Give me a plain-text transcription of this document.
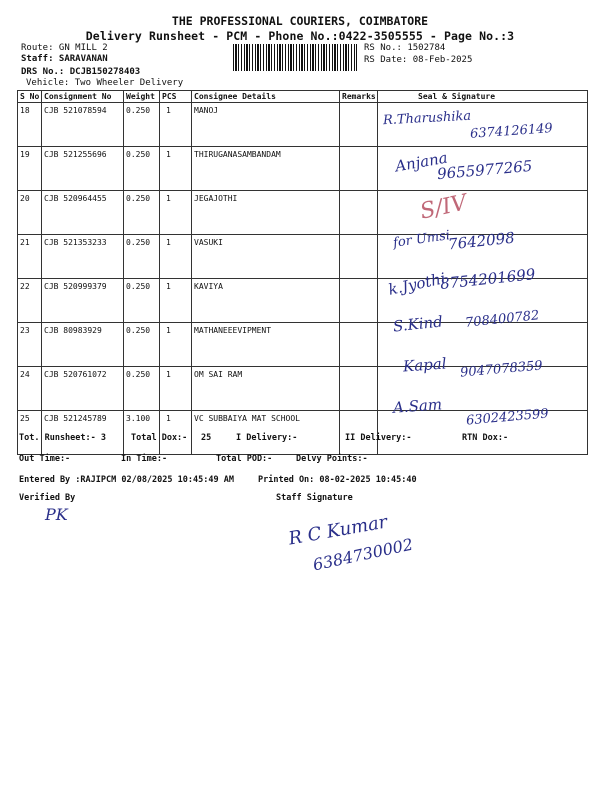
THE PROFESSIONAL COURIERS, COIMBATORE
Delivery Runsheet - PCM - Phone No.:0422-3505555 - Page No.:3
Route: GN MILL 2
Staff: SARAVANAN
DRS No.: DCJB150278403
Vehicle: Two Wheeler Delivery
RS No.: 1502784
RS Date: 08-Feb-2025
S No	Consignment No	Weight	PCS	Consignee Details	Remarks	Seal & Signature
18	CJB 521078594	0.250	1	MANOJ		
19	CJB 521255696	0.250	1	THIRUGANASAMBANDAM		
20	CJB 520964455	0.250	1	JEGAJOTHI		
21	CJB 521353233	0.250	1	VASUKI		
22	CJB 520999379	0.250	1	KAVIYA		
23	CJB 80983929	0.250	1	MATHANEEEVIPMENT		
24	CJB 520761072	0.250	1	OM SAI RAM		
25	CJB 521245789	3.100	1	VC SUBBAIYA MAT SCHOOL		
R.Tharushika
6374126149
Anjana
9655977265
S/IV
for Umsi
7642098
k.Jyothi
8754201699
S.Kind 708400782
Kapal 9047078359
A.Sam
6302423599
Tot. Runsheet:- 3	Total Dox:- 25	I Delivery:-	II Delivery:-	RTN Dox:-
Out Time:-	In Time:-	Total POD:-	Delvy Points:-
Entered By :RAJIPCM 02/08/2025 10:45:49 AM	Printed On: 08-02-2025 10:45:40
Verified By	Staff Signature
PK	R C Kumar
6384730002
